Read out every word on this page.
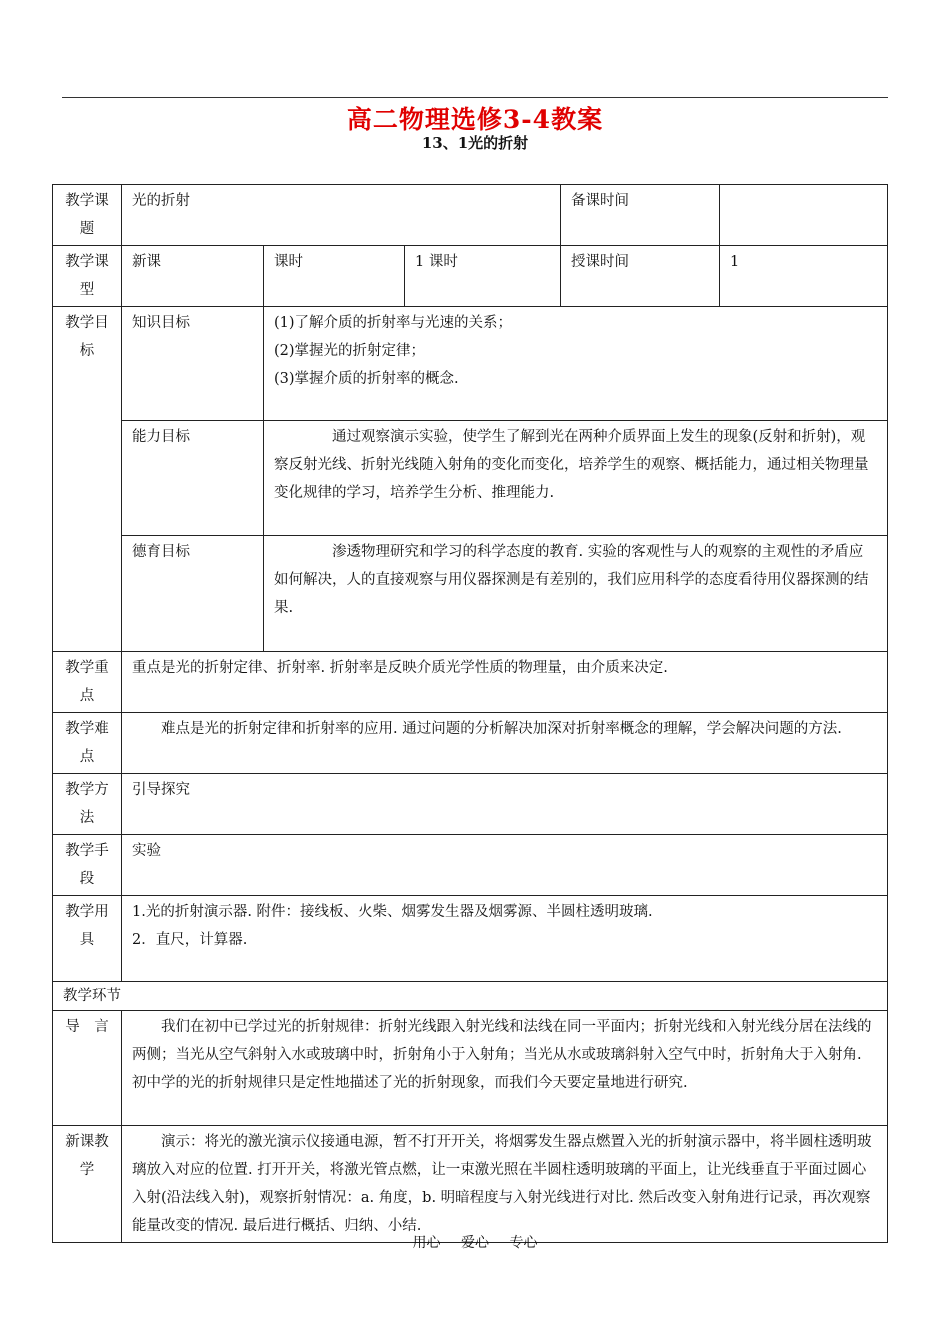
高二物理选修3-4教案
13、1光的折射
教学课题	光的折射			备课时间	
教学课型	新课	课时	1 课时	授课时间	1
教学目标	知识目标	(1)了解介质的折射率与光速的关系；
(2)掌握光的折射定律；
(3)掌握介质的折射率的概念.			

	能力目标	通过观察演示实验，使学生了解到光在两种介质界面上发生的现象(反射和折射)，观察反射光线、折射光线随入射角的变化而变化，培养学生的观察、概括能力，通过相关物理量变化规律的学习，培养学生分析、推理能力.			

	德育目标	渗透物理研究和学习的科学态度的教育. 实验的客观性与人的观察的主观性的矛盾应如何解决，人的直接观察与用仪器探测是有差别的，我们应用科学的态度看待用仪器探测的结果.			

教学重点	重点是光的折射定律、折射率. 折射率是反映介质光学性质的物理量，由介质来决定.				
教学难点	难点是光的折射定律和折射率的应用. 通过问题的分析解决加深对折射率概念的理解，学会解决问题的方法.				

教学方法	引导探究				
教学手段	实验				
教学用具	1.光的折射演示器. 附件：接线板、火柴、烟雾发生器及烟雾源、半圆柱透明玻璃.
2．直尺，计算器.				

教学环节					
导　言	我们在初中已学过光的折射规律：折射光线跟入射光线和法线在同一平面内；折射光线和入射光线分居在法线的两侧；当光从空气斜射入水或玻璃中时，折射角小于入射角；当光从水或玻璃斜射入空气中时，折射角大于入射角. 初中学的光的折射规律只是定性地描述了光的折射现象，而我们今天要定量地进行研究.				

新课教学	演示：将光的激光演示仪接通电源，暂不打开开关，将烟雾发生器点燃置入光的折射演示器中，将半圆柱透明玻璃放入对应的位置. 打开开关，将激光管点燃，让一束激光照在半圆柱透明玻璃的平面上，让光线垂直于平面过圆心入射(沿法线入射)，观察折射情况：a. 角度，b. 明暗程度与入射光线进行对比. 然后改变入射角进行记录，再次观察能量改变的情况. 最后进行概括、归纳、小结.				
用心 爱心 专心
